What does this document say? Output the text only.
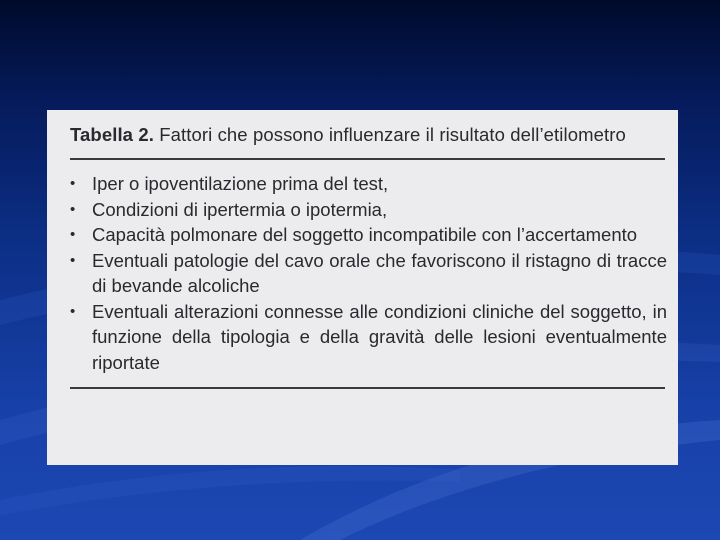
Tabella 2. Fattori che possono influenzare il risultato dell’etilometro

• Iper o ipoventilazione prima del test,
• Condizioni di ipertermia o ipotermia,
• Capacità polmonare del soggetto incompatibile con l’accertamento
• Eventuali patologie del cavo orale che favoriscono il ristagno di tracce di bevande alcoliche
• Eventuali alterazioni connesse alle condizioni cliniche del soggetto, in funzione della tipologia e della gravità delle lesioni eventualmente riportate
